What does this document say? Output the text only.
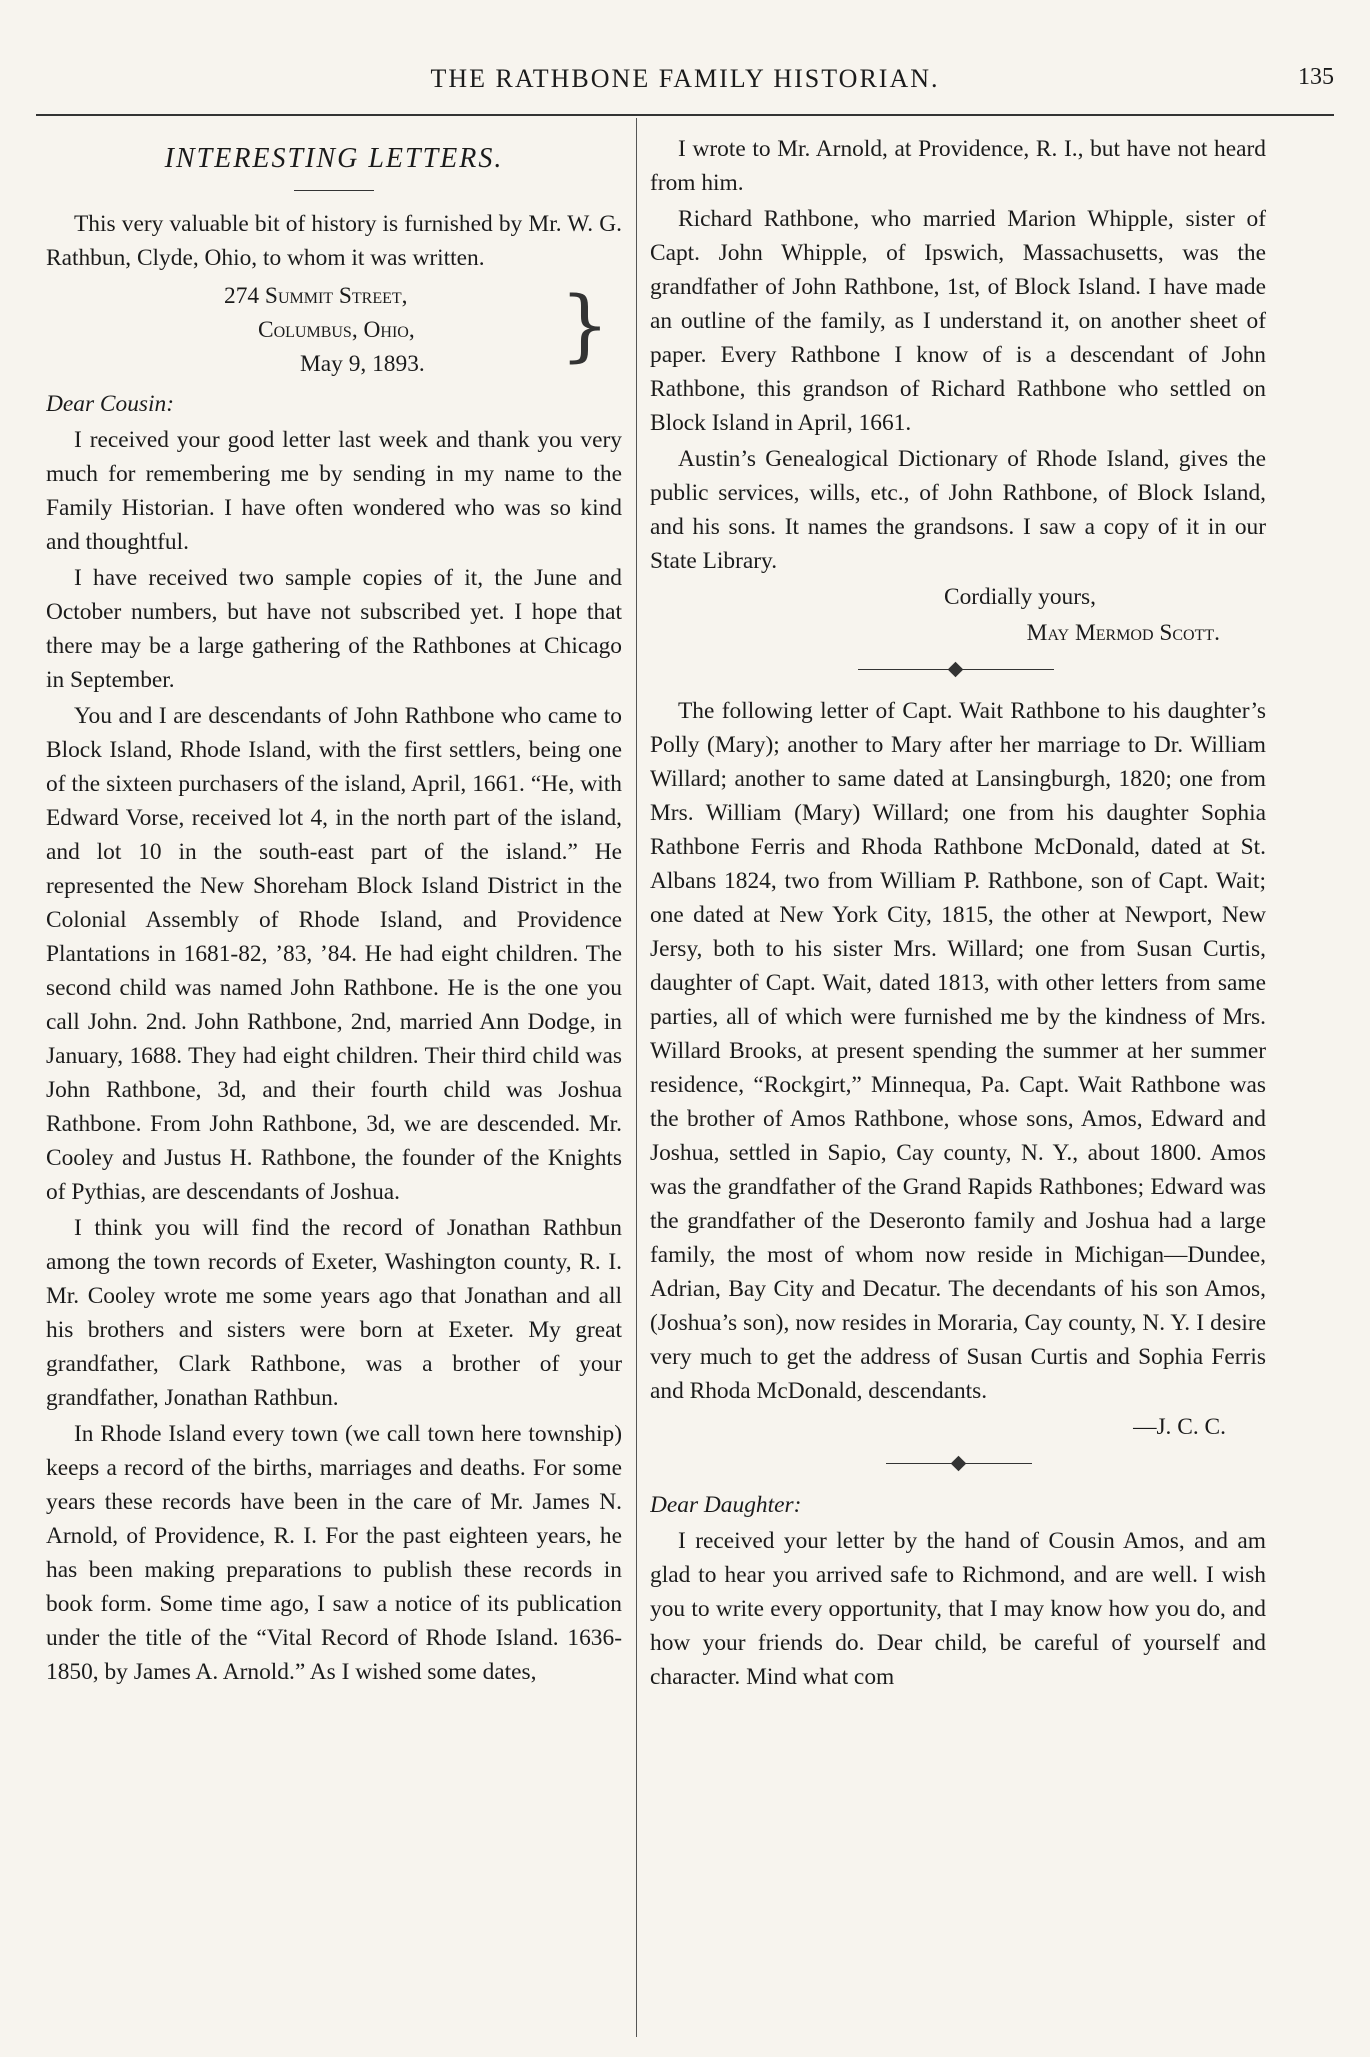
THE RATHBONE FAMILY HISTORIAN.	135
INTERESTING LETTERS.

This very valuable bit of history is furnished by Mr. W. G. Rathbun, Clyde, Ohio, to whom it was written.

274 Summit Street,
Columbus, Ohio,
May 9, 1893. }

Dear Cousin:

I received your good letter last week and thank you very much for remembering me by sending in my name to the Family Historian. I have often wondered who was so kind and thoughtful.

I have received two sample copies of it, the June and October numbers, but have not subscribed yet. I hope that there may be a large gathering of the Rathbones at Chicago in September.

You and I are descendants of John Rathbone who came to Block Island, Rhode Island, with the first settlers, being one of the sixteen purchasers of the island, April, 1661. “He, with Edward Vorse, received lot 4, in the north part of the island, and lot 10 in the south-east part of the island.” He represented the New Shoreham Block Island District in the Colonial Assembly of Rhode Island, and Providence Plantations in 1681-82, ’83, ’84. He had eight children. The second child was named John Rathbone. He is the one you call John. 2nd. John Rathbone, 2nd, married Ann Dodge, in January, 1688. They had eight children. Their third child was John Rathbone, 3d, and their fourth child was Joshua Rathbone. From John Rathbone, 3d, we are descended. Mr. Cooley and Justus H. Rathbone, the founder of the Knights of Pythias, are descendants of Joshua.

I think you will find the record of Jonathan Rathbun among the town records of Exeter, Washington county, R. I. Mr. Cooley wrote me some years ago that Jonathan and all his brothers and sisters were born at Exeter. My great grandfather, Clark Rathbone, was a brother of your grandfather, Jonathan Rathbun.

In Rhode Island every town (we call town here township) keeps a record of the births, marriages and deaths. For some years these records have been in the care of Mr. James N. Arnold, of Providence, R. I. For the past eighteen years, he has been making preparations to publish these records in book form. Some time ago, I saw a notice of its publication under the title of the “Vital Record of Rhode Island. 1636-1850, by James A. Arnold.” As I wished some dates,

I wrote to Mr. Arnold, at Providence, R. I., but have not heard from him.

Richard Rathbone, who married Marion Whipple, sister of Capt. John Whipple, of Ipswich, Massachusetts, was the grandfather of John Rathbone, 1st, of Block Island. I have made an outline of the family, as I understand it, on another sheet of paper. Every Rathbone I know of is a descendant of John Rathbone, this grandson of Richard Rathbone who settled on Block Island in April, 1661.

Austin’s Genealogical Dictionary of Rhode Island, gives the public services, wills, etc., of John Rathbone, of Block Island, and his sons. It names the grandsons. I saw a copy of it in our State Library.

Cordially yours,

May Mermod Scott.

The following letter of Capt. Wait Rathbone to his daughter’s Polly (Mary); another to Mary after her marriage to Dr. William Willard; another to same dated at Lansingburgh, 1820; one from Mrs. William (Mary) Willard; one from his daughter Sophia Rathbone Ferris and Rhoda Rathbone McDonald, dated at St. Albans 1824, two from William P. Rathbone, son of Capt. Wait; one dated at New York City, 1815, the other at Newport, New Jersy, both to his sister Mrs. Willard; one from Susan Curtis, daughter of Capt. Wait, dated 1813, with other letters from same parties, all of which were furnished me by the kindness of Mrs. Willard Brooks, at present spending the summer at her summer residence, “Rockgirt,” Minnequa, Pa. Capt. Wait Rathbone was the brother of Amos Rathbone, whose sons, Amos, Edward and Joshua, settled in Sapio, Cay county, N. Y., about 1800. Amos was the grandfather of the Grand Rapids Rathbones; Edward was the grandfather of the Deseronto family and Joshua had a large family, the most of whom now reside in Michigan—Dundee, Adrian, Bay City and Decatur. The decendants of his son Amos, (Joshua’s son), now resides in Moraria, Cay county, N. Y. I desire very much to get the address of Susan Curtis and Sophia Ferris and Rhoda McDonald, descendants.

—J. C. C.

Dear Daughter:

I received your letter by the hand of Cousin Amos, and am glad to hear you arrived safe to Richmond, and are well. I wish you to write every opportunity, that I may know how you do, and how your friends do. Dear child, be careful of yourself and character. Mind what com
